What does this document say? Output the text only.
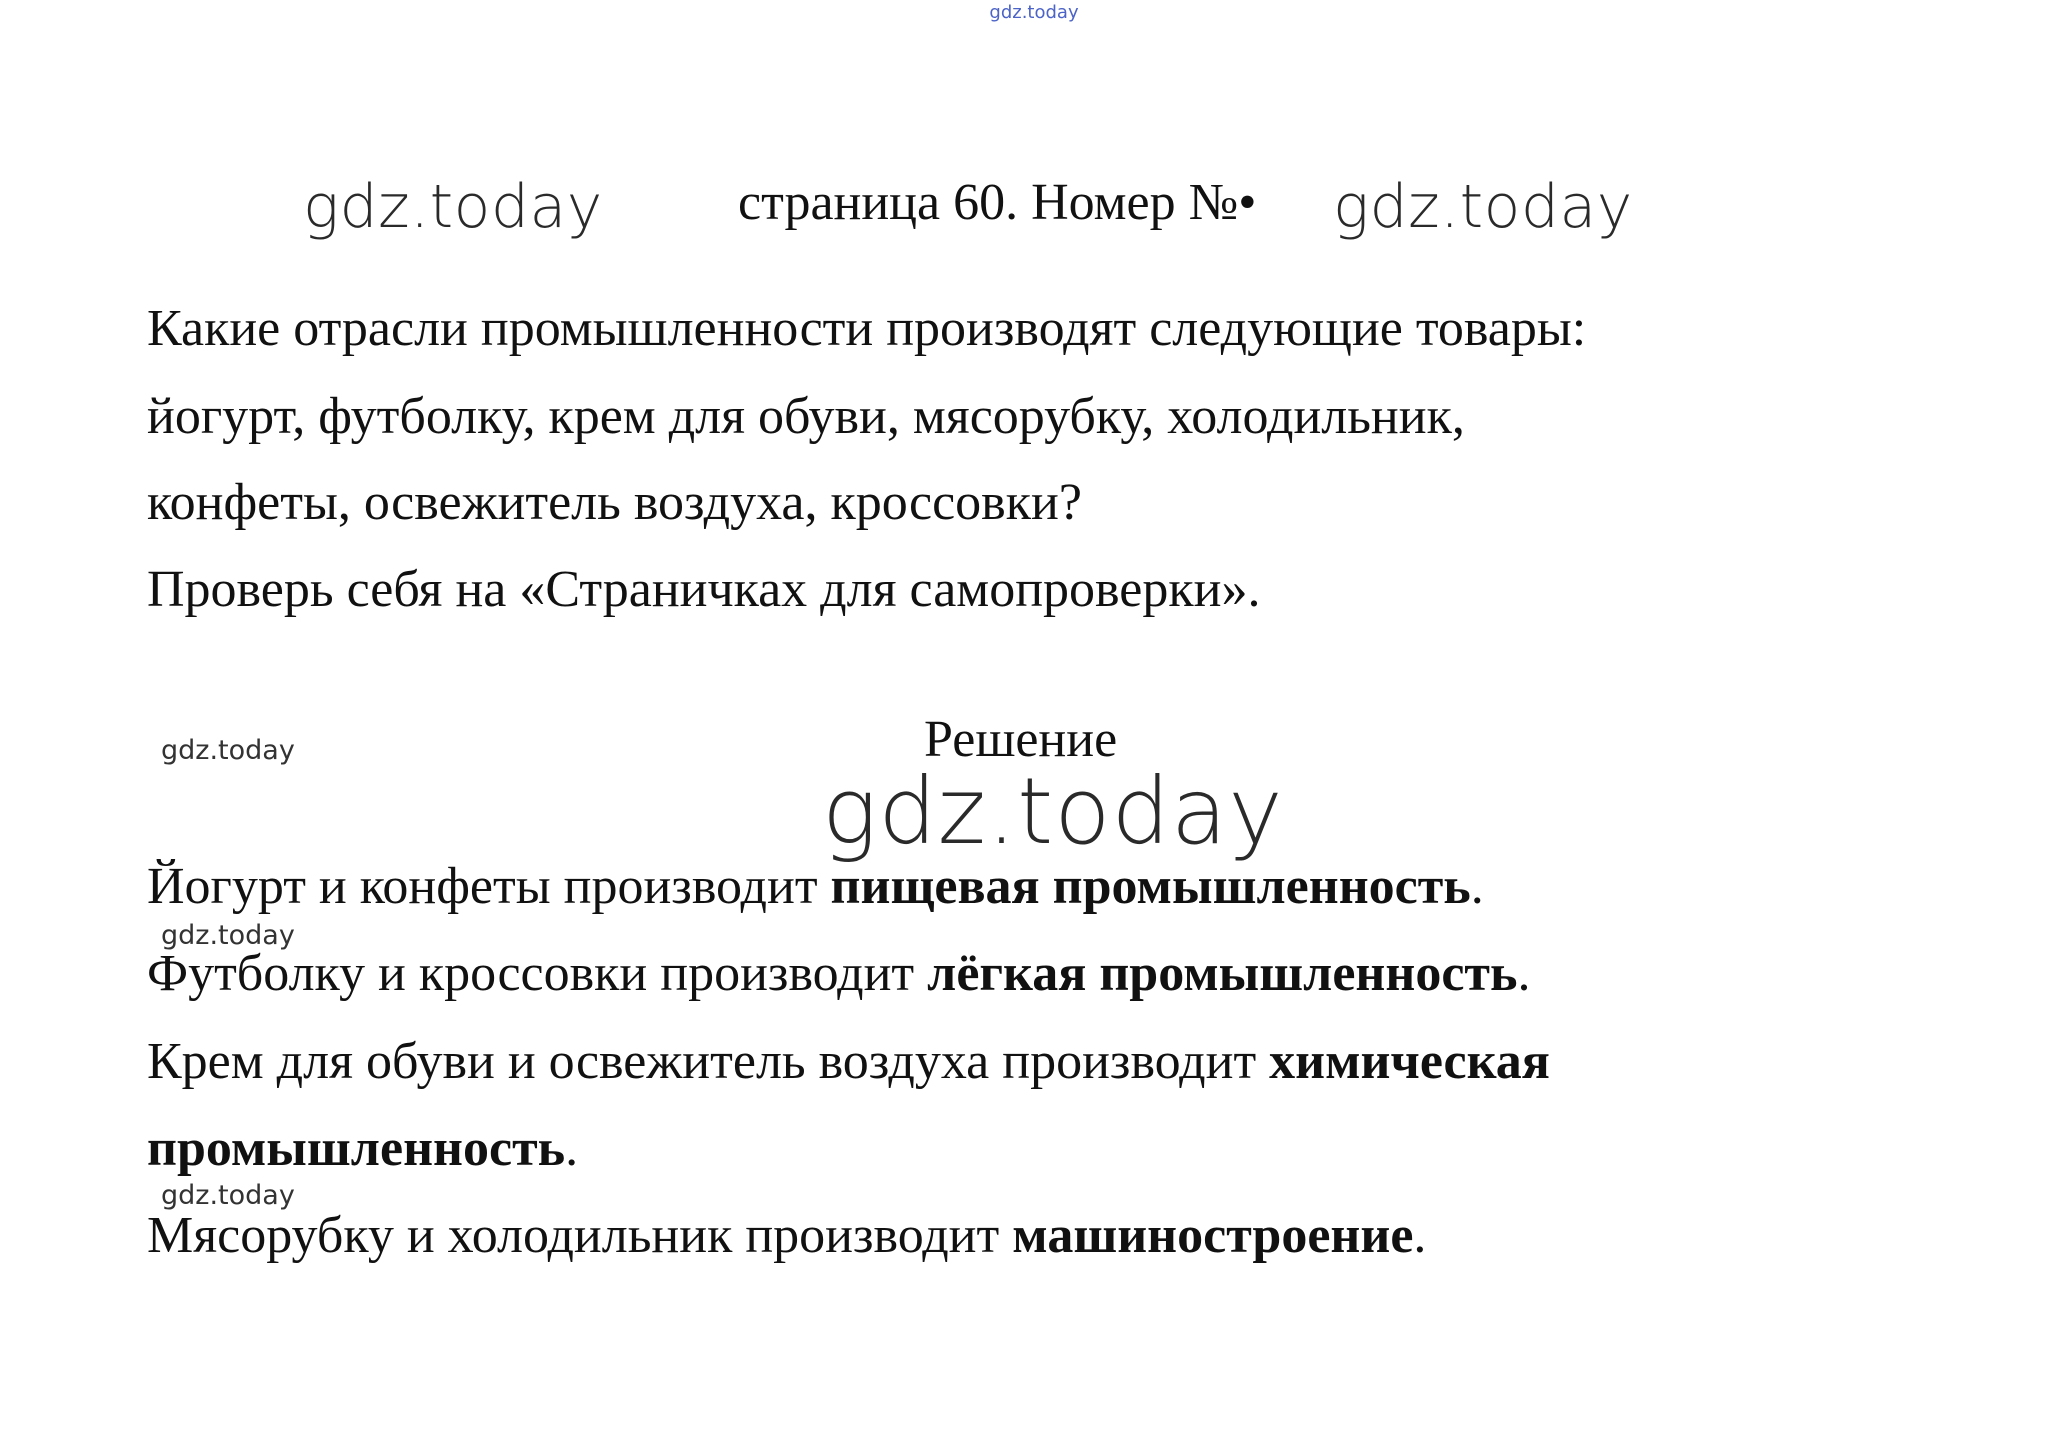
gdz.today
gdz.today	страница 60. Номер №• gdz.today
Какие отрасли промышленности производят следующие товары:
йогурт, футболку, крем для обуви, мясорубку, холодильник,
конфеты, освежитель воздуха, кроссовки?
Проверь себя на «Страничках для самопроверки».
gdz.today	Решение
gdz.today
Йогурт и конфеты производит пищевая промышленность.
gdz.today
Футболку и кроссовки производит лёгкая промышленность.
Крем для обуви и освежитель воздуха производит химическая
промышленность.
gdz.today
Мясорубку и холодильник производит машиностроение.
